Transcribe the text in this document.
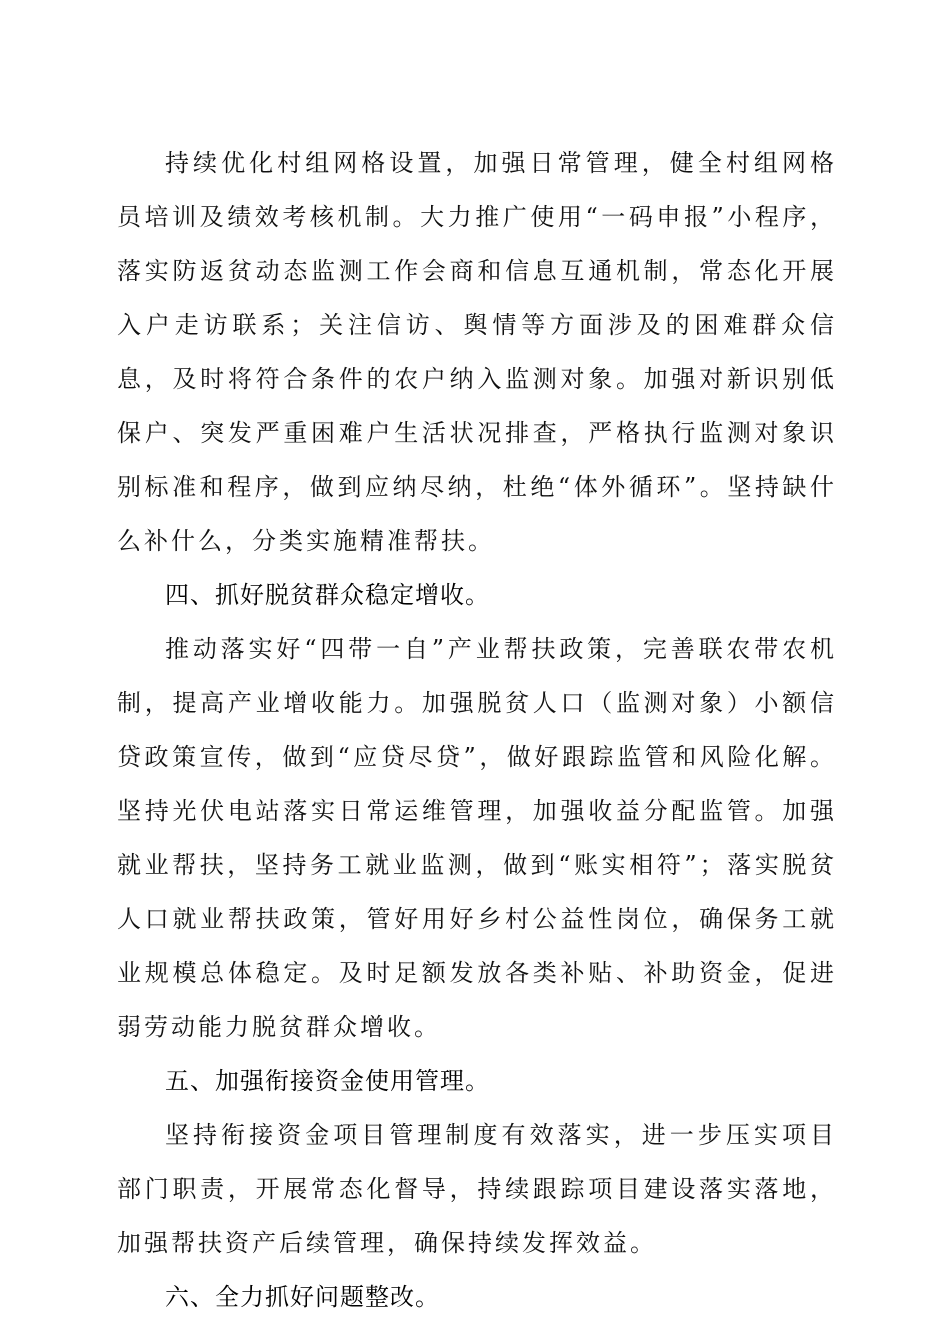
持续优化村组网格设置，加强日常管理，健全村组网格员培训及绩效考核机制。大力推广使用“一码申报”小程序，落实防返贫动态监测工作会商和信息互通机制，常态化开展入户走访联系；关注信访、舆情等方面涉及的困难群众信息，及时将符合条件的农户纳入监测对象。加强对新识别低保户、突发严重困难户生活状况排查，严格执行监测对象识别标准和程序，做到应纳尽纳，杜绝“体外循环”。坚持缺什么补什么，分类实施精准帮扶。

四、抓好脱贫群众稳定增收。

推动落实好“四带一自”产业帮扶政策，完善联农带农机制，提高产业增收能力。加强脱贫人口（监测对象）小额信贷政策宣传，做到“应贷尽贷”，做好跟踪监管和风险化解。坚持光伏电站落实日常运维管理，加强收益分配监管。加强就业帮扶，坚持务工就业监测，做到“账实相符”；落实脱贫人口就业帮扶政策，管好用好乡村公益性岗位，确保务工就业规模总体稳定。及时足额发放各类补贴、补助资金，促进弱劳动能力脱贫群众增收。

五、加强衔接资金使用管理。

坚持衔接资金项目管理制度有效落实，进一步压实项目部门职责，开展常态化督导，持续跟踪项目建设落实落地，加强帮扶资产后续管理，确保持续发挥效益。

六、全力抓好问题整改。
